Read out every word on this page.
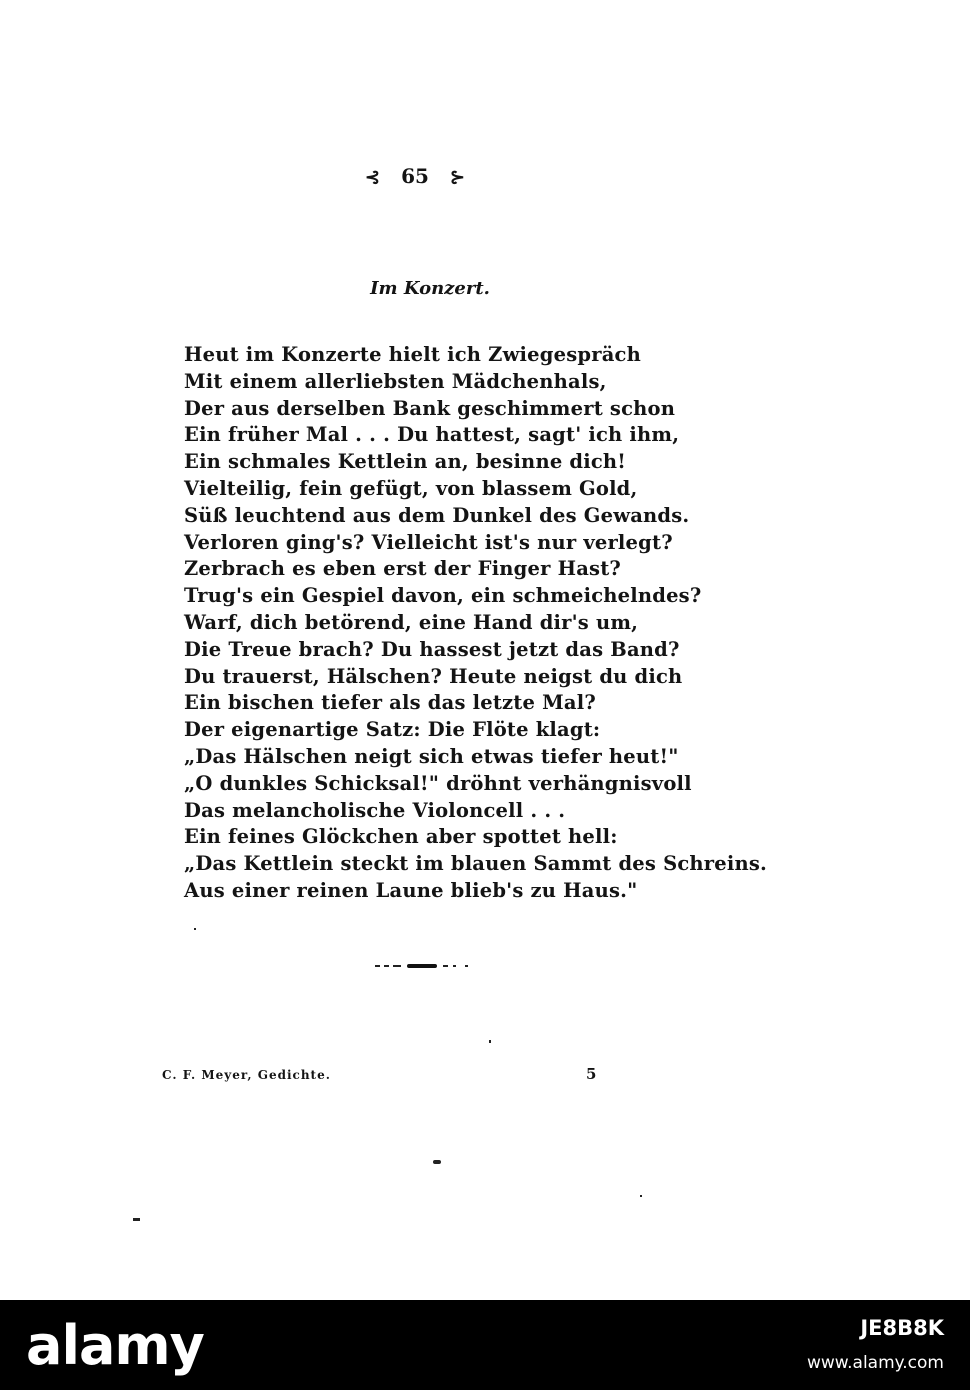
⊰ 65 ⊱
Im Konzert.
Heut im Konzerte hielt ich Zwiegespräch
Mit einem allerliebsten Mädchenhals,
Der aus derselben Bank geschimmert schon
Ein früher Mal . . . Du hattest, sagt' ich ihm,
Ein schmales Kettlein an, besinne dich!
Vielteilig, fein gefügt, von blassem Gold,
Süß leuchtend aus dem Dunkel des Gewands.
Verloren ging's? Vielleicht ist's nur verlegt?
Zerbrach es eben erst der Finger Hast?
Trug's ein Gespiel davon, ein schmeichelndes?
Warf, dich betörend, eine Hand dir's um,
Die Treue brach? Du hassest jetzt das Band?
Du trauerst, Hälschen? Heute neigst du dich
Ein bischen tiefer als das letzte Mal?
Der eigenartige Satz: Die Flöte klagt:
„Das Hälschen neigt sich etwas tiefer heut!"
„O dunkles Schicksal!" dröhnt verhängnisvoll
Das melancholische Violoncell . . .
Ein feines Glöckchen aber spottet hell:
„Das Kettlein steckt im blauen Sammt des Schreins.
Aus einer reinen Laune blieb's zu Haus."
C. F. Meyer, Gedichte.	5
alamy	JE8B8K
www.alamy.com
